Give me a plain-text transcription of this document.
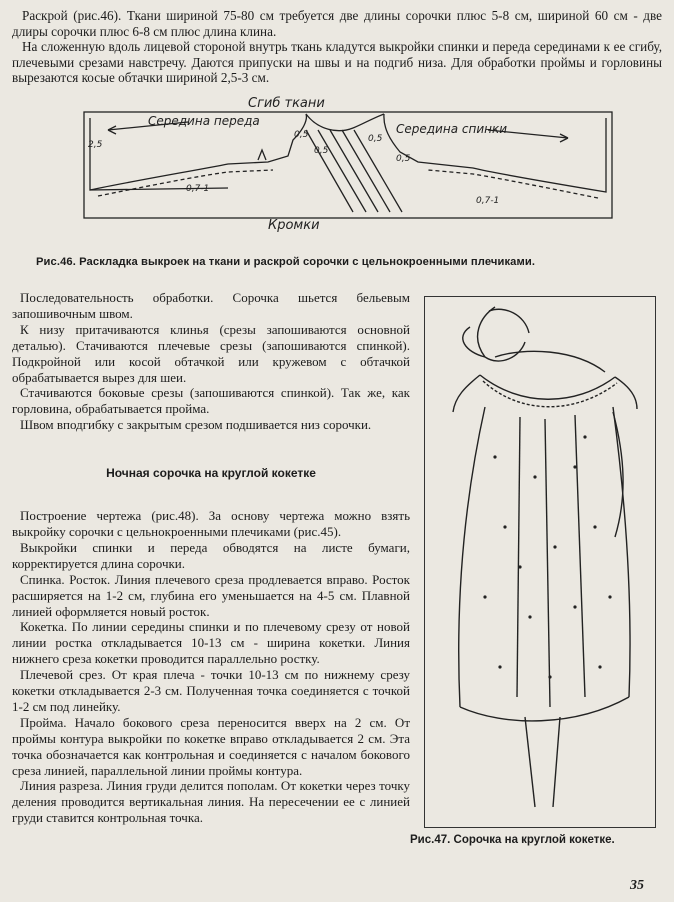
Раскрой (рис.46). Ткани шириной 75-80 см требуется две длины сорочки плюс 5-8 см, шириной 60 см - две длиры сорочки плюс 6-8 см плюс длина клина.

На сложенную вдоль лицевой стороной внутрь ткань кладутся выкройки спинки и переда серединами к ее сгибу, плечевыми срезами навстречу. Даются припуски на швы и на подгиб низа. Для обработки проймы и горловины вырезаются косые обтачки шириной 2,5-3 см.

Сгиб ткани
Середина переда
Середина спинки
Кромки
2,5
0,5
0,5
0,5
0,5
0,7-1
0,7-1
Рис.46. Раскладка выкроек на ткани и раскрой сорочки с цельнокроенными плечиками.

Последовательность обработки. Сорочка шьется бельевым запошивочным швом.

К низу притачиваются клинья (срезы запошиваются основной деталью). Стачиваются плечевые срезы (запошиваются спинкой). Подкройной или косой обтачкой или кружевом с обтачкой обрабатывается вырез для шеи.

Стачиваются боковые срезы (запошиваются спинкой). Так же, как горловина, обрабатывается пройма.

Швом вподгибку с закрытым срезом подшивается низ сорочки.

Ночная сорочка на круглой кокетке

Построение чертежа (рис.48). За основу чертежа можно взять выкройку сорочки с цельнокроенными плечиками (рис.45).

Выкройки спинки и переда обводятся на листе бумаги, корректируется длина сорочки.

Спинка. Росток. Линия плечевого среза продлевается вправо. Росток расширяется на 1-2 см, глубина его уменьшается на 4-5 см. Плавной линией оформляется новый росток.

Кокетка. По линии середины спинки и по плечевому срезу от новой линии ростка откладывается 10-13 см - ширина кокетки. Линия нижнего среза кокетки проводится параллельно ростку.

Плечевой срез. От края плеча - точки 10-13 см по нижнему срезу кокетки откладывается 2-3 см. Полученная точка соединяется с точкой 1-2 см под линейку.

Пройма. Начало бокового среза переносится вверх на 2 см. От проймы контура выкройки по кокетке вправо откладывается 2 см. Эта точка обозначается как контрольная и соединяется с началом бокового среза линией, параллельной линии проймы контура.

Линия разреза. Линия груди делится пополам. От кокетки через точку деления проводится вертикальная линия. На пересечении ее с линией груди ставится контрольная точка.

Рис.47. Сорочка на круглой кокетке.
35
